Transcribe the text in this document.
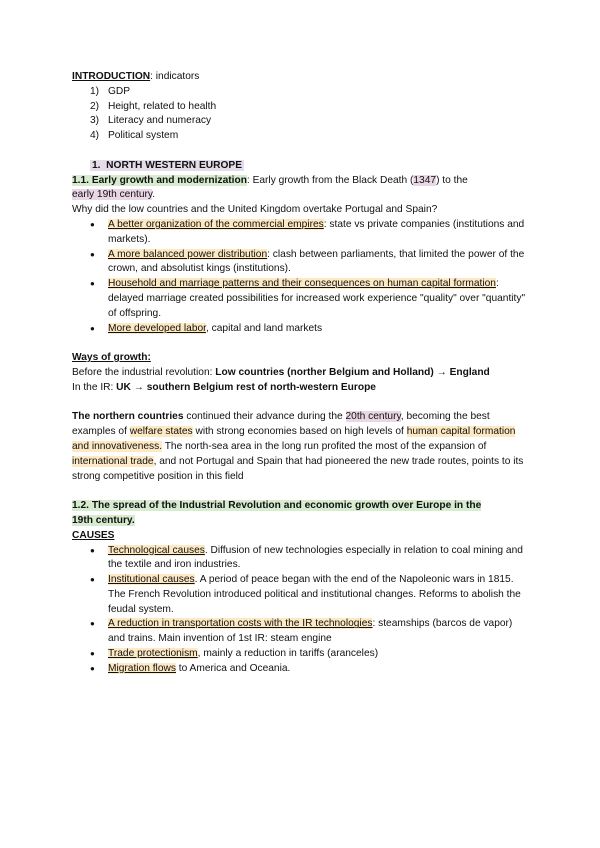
INTRODUCTION: indicators
1) GDP
2) Height, related to health
3) Literacy and numeracy
4) Political system
1. NORTH WESTERN EUROPE

1.1. Early growth and modernization: Early growth from the Black Death (1347) to the
early 19th century.

Why did the low countries and the United Kingdom overtake Portugal and Spain?

● A better organization of the commercial empires: state vs private companies (institutions and markets).
● A more balanced power distribution: clash between parliaments, that limited the power of the crown, and absolutist kings (institutions).
● Household and marriage patterns and their consequences on human capital formation: delayed marriage created possibilities for increased work experience "quality" over "quantity" of offspring.
● More developed labor, capital and land markets
Ways of growth:
Before the industrial revolution: Low countries (norther Belgium and Holland) → England
In the IR: UK → southern Belgium rest of north-western Europe

The northern countries continued their advance during the 20th century, becoming the best examples of welfare states with strong economies based on high levels of human capital formation and innovativeness. The north-sea area in the long run profited the most of the expansion of international trade, and not Portugal and Spain that had pioneered the new trade routes, points to its strong competitive position in this field

1.2. The spread of the Industrial Revolution and economic growth over Europe in the
19th century.

CAUSES
● Technological causes. Diffusion of new technologies especially in relation to coal mining and the textile and iron industries.
● Institutional causes. A period of peace began with the end of the Napoleonic wars in 1815. The French Revolution introduced political and institutional changes. Reforms to abolish the feudal system.
● A reduction in transportation costs with the IR technologies: steamships (barcos de vapor) and trains. Main invention of 1st IR: steam engine
● Trade protectionism, mainly a reduction in tariffs (aranceles)
● Migration flows to America and Oceania.
